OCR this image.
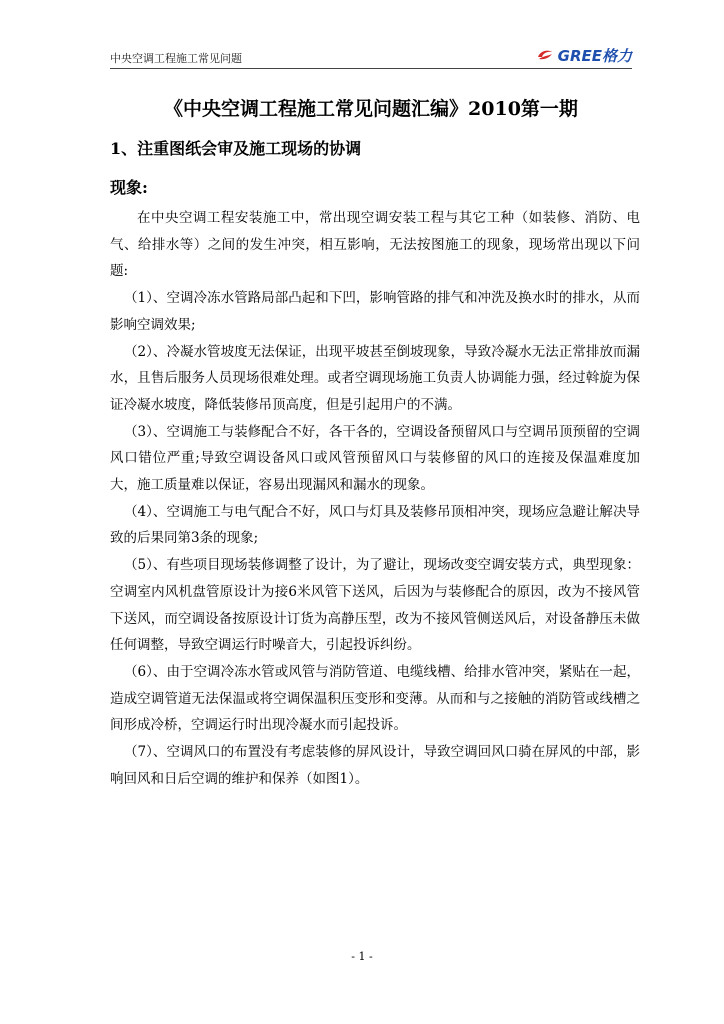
中央空调工程施工常见问题	GREE格力
《中央空调工程施工常见问题汇编》2010第一期
1、注重图纸会审及施工现场的协调
现象:

在中央空调工程安装施工中，常出现空调安装工程与其它工种（如装修、消防、电气、给排水等）之间的发生冲突，相互影响，无法按图施工的现象，现场常出现以下问题:

（1）、空调冷冻水管路局部凸起和下凹，影响管路的排气和冲洗及换水时的排水，从而影响空调效果;

（2）、冷凝水管坡度无法保证，出现平坡甚至倒坡现象，导致冷凝水无法正常排放而漏水，且售后服务人员现场很难处理。或者空调现场施工负责人协调能力强，经过斡旋为保证冷凝水坡度，降低装修吊顶高度，但是引起用户的不满。

（3）、空调施工与装修配合不好，各干各的，空调设备预留风口与空调吊顶预留的空调风口错位严重;导致空调设备风口或风管预留风口与装修留的风口的连接及保温难度加大，施工质量难以保证，容易出现漏风和漏水的现象。

（4）、空调施工与电气配合不好，风口与灯具及装修吊顶相冲突，现场应急避让解决导致的后果同第3条的现象;

（5）、有些项目现场装修调整了设计，为了避让，现场改变空调安装方式，典型现象：空调室内风机盘管原设计为接6米风管下送风，后因为与装修配合的原因，改为不接风管下送风，而空调设备按原设计订货为高静压型，改为不接风管侧送风后，对设备静压未做任何调整，导致空调运行时噪音大，引起投诉纠纷。

（6）、由于空调冷冻水管或风管与消防管道、电缆线槽、给排水管冲突，紧贴在一起，造成空调管道无法保温或将空调保温积压变形和变薄。从而和与之接触的消防管或线槽之间形成冷桥，空调运行时出现冷凝水而引起投诉。

（7）、空调风口的布置没有考虑装修的屏风设计，导致空调回风口骑在屏风的中部，影响回风和日后空调的维护和保养（如图1）。

- 1 -
